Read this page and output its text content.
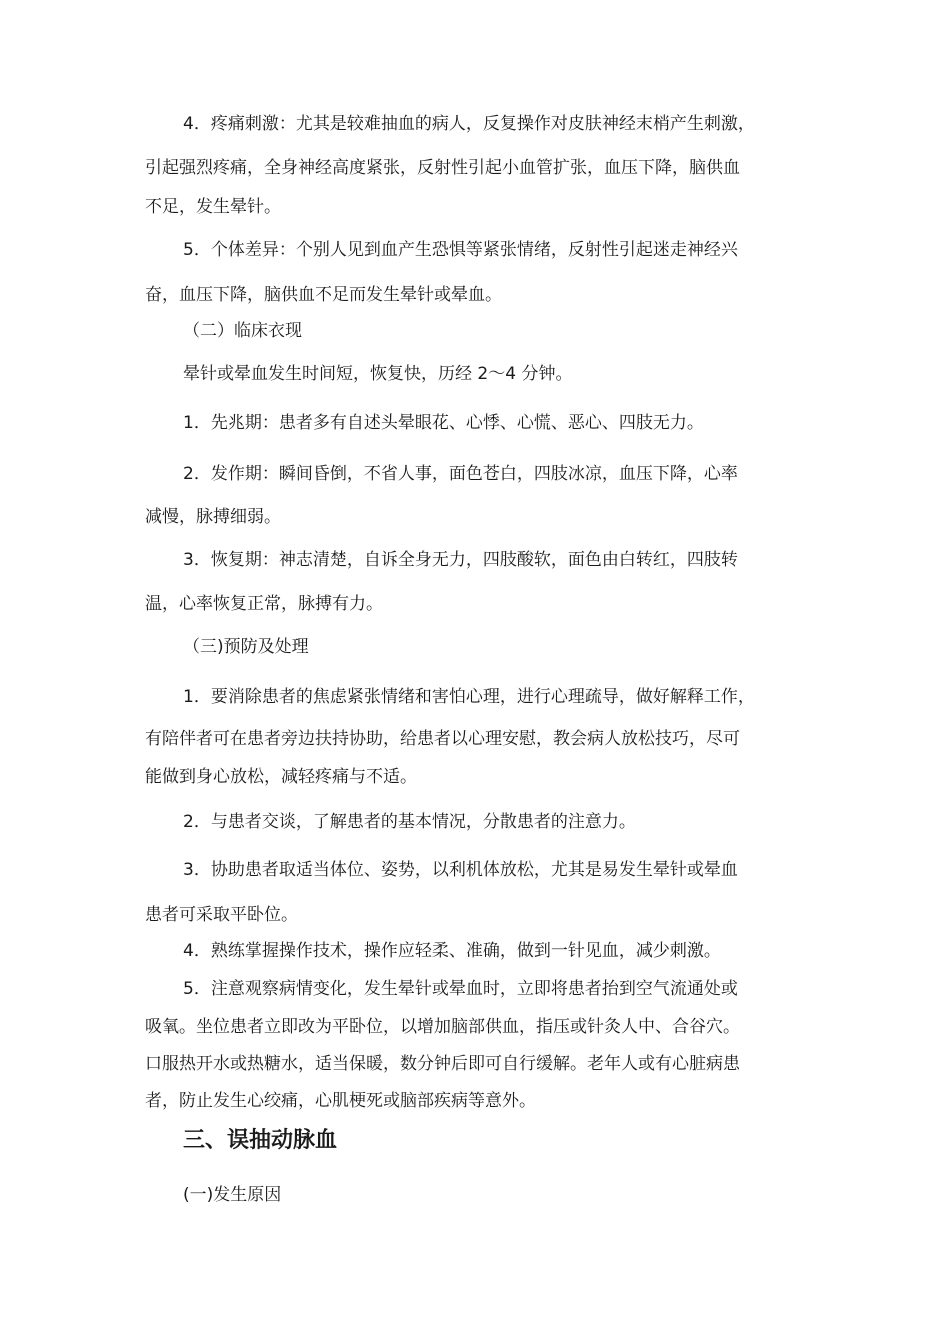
4．疼痛刺激：尤其是较难抽血的病人，反复操作对皮肤神经末梢产生刺激，

引起强烈疼痛，全身神经高度紧张，反射性引起小血管扩张，血压下降，脑供血

不足，发生晕针。

5．个体差异：个别人见到血产生恐惧等紧张情绪，反射性引起迷走神经兴

奋，血压下降，脑供血不足而发生晕针或晕血。

（二）临床衣现

晕针或晕血发生时间短，恢复快，历经 2～4 分钟。

1．先兆期：患者多有自述头晕眼花、心悸、心慌、恶心、四肢无力。

2．发作期：瞬间昏倒，不省人事，面色苍白，四肢冰凉，血压下降，心率

减慢，脉搏细弱。

3．恢复期：神志清楚，自诉全身无力，四肢酸软，面色由白转红，四肢转

温，心率恢复正常，脉搏有力。

（三)预防及处理

1．要消除患者的焦虑紧张情绪和害怕心理，进行心理疏导，做好解释工作，

有陪伴者可在患者旁边扶持协助，给患者以心理安慰，教会病人放松技巧，尽可

能做到身心放松，减轻疼痛与不适。

2．与患者交谈，了解患者的基本情况，分散患者的注意力。

3．协助患者取适当体位、姿势，以利机体放松，尤其是易发生晕针或晕血

患者可采取平卧位。

4．熟练掌握操作技术，操作应轻柔、准确，做到一针见血，减少刺激。

5．注意观察病情变化，发生晕针或晕血时，立即将患者抬到空气流通处或

吸氧。坐位患者立即改为平卧位，以增加脑部供血，指压或针灸人中、合谷穴。

口服热开水或热糖水，适当保暖，数分钟后即可自行缓解。老年人或有心脏病患

者，防止发生心绞痛，心肌梗死或脑部疾病等意外。

三、误抽动脉血

(一)发生原因
